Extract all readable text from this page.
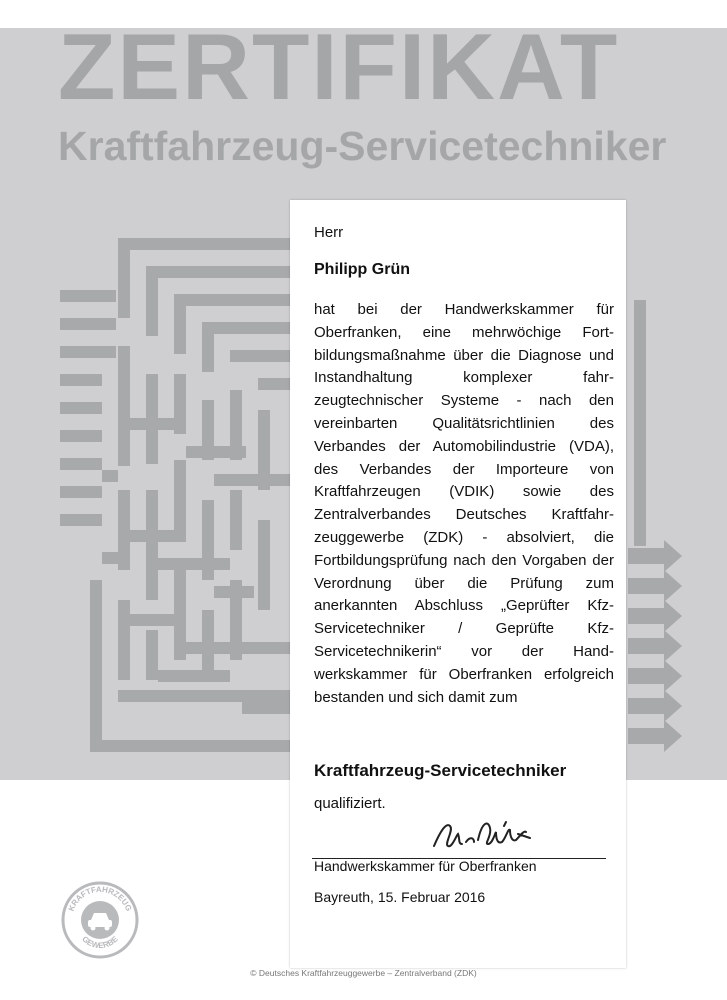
ZERTIFIKAT
Kraftfahrzeug-Servicetechniker
Herr
Philipp Grün
hat bei der Handwerkskammer für Oberfranken, eine mehrwöchige Fortbildungsmaßnahme über die Diagnose und Instandhaltung komplexer fahrzeugtechnischer Systeme - nach den vereinbarten Qualitätsrichtlinien des Verbandes der Automobilindustrie (VDA), des Verbandes der Importeure von Kraftfahrzeugen (VDIK) sowie des Zentralverbandes Deutsches Kraftfahrzeuggewerbe (ZDK) - absolviert, die Fortbildungsprüfung nach den Vorgaben der Verordnung über die Prüfung zum anerkannten Abschluss „Geprüfter Kfz-Servicetechniker / Geprüfte Kfz-Servicetechnikerin“ vor der Handwerkskammer für Oberfranken erfolgreich bestanden und sich damit zum
Kraftfahrzeug-Servicetechniker
qualifiziert.
Handwerkskammer für Oberfranken
Bayreuth, 15. Februar 2016
KRAFTFAHRZEUG
GEWERBE
© Deutsches Kraftfahrzeuggewerbe – Zentralverband (ZDK)
